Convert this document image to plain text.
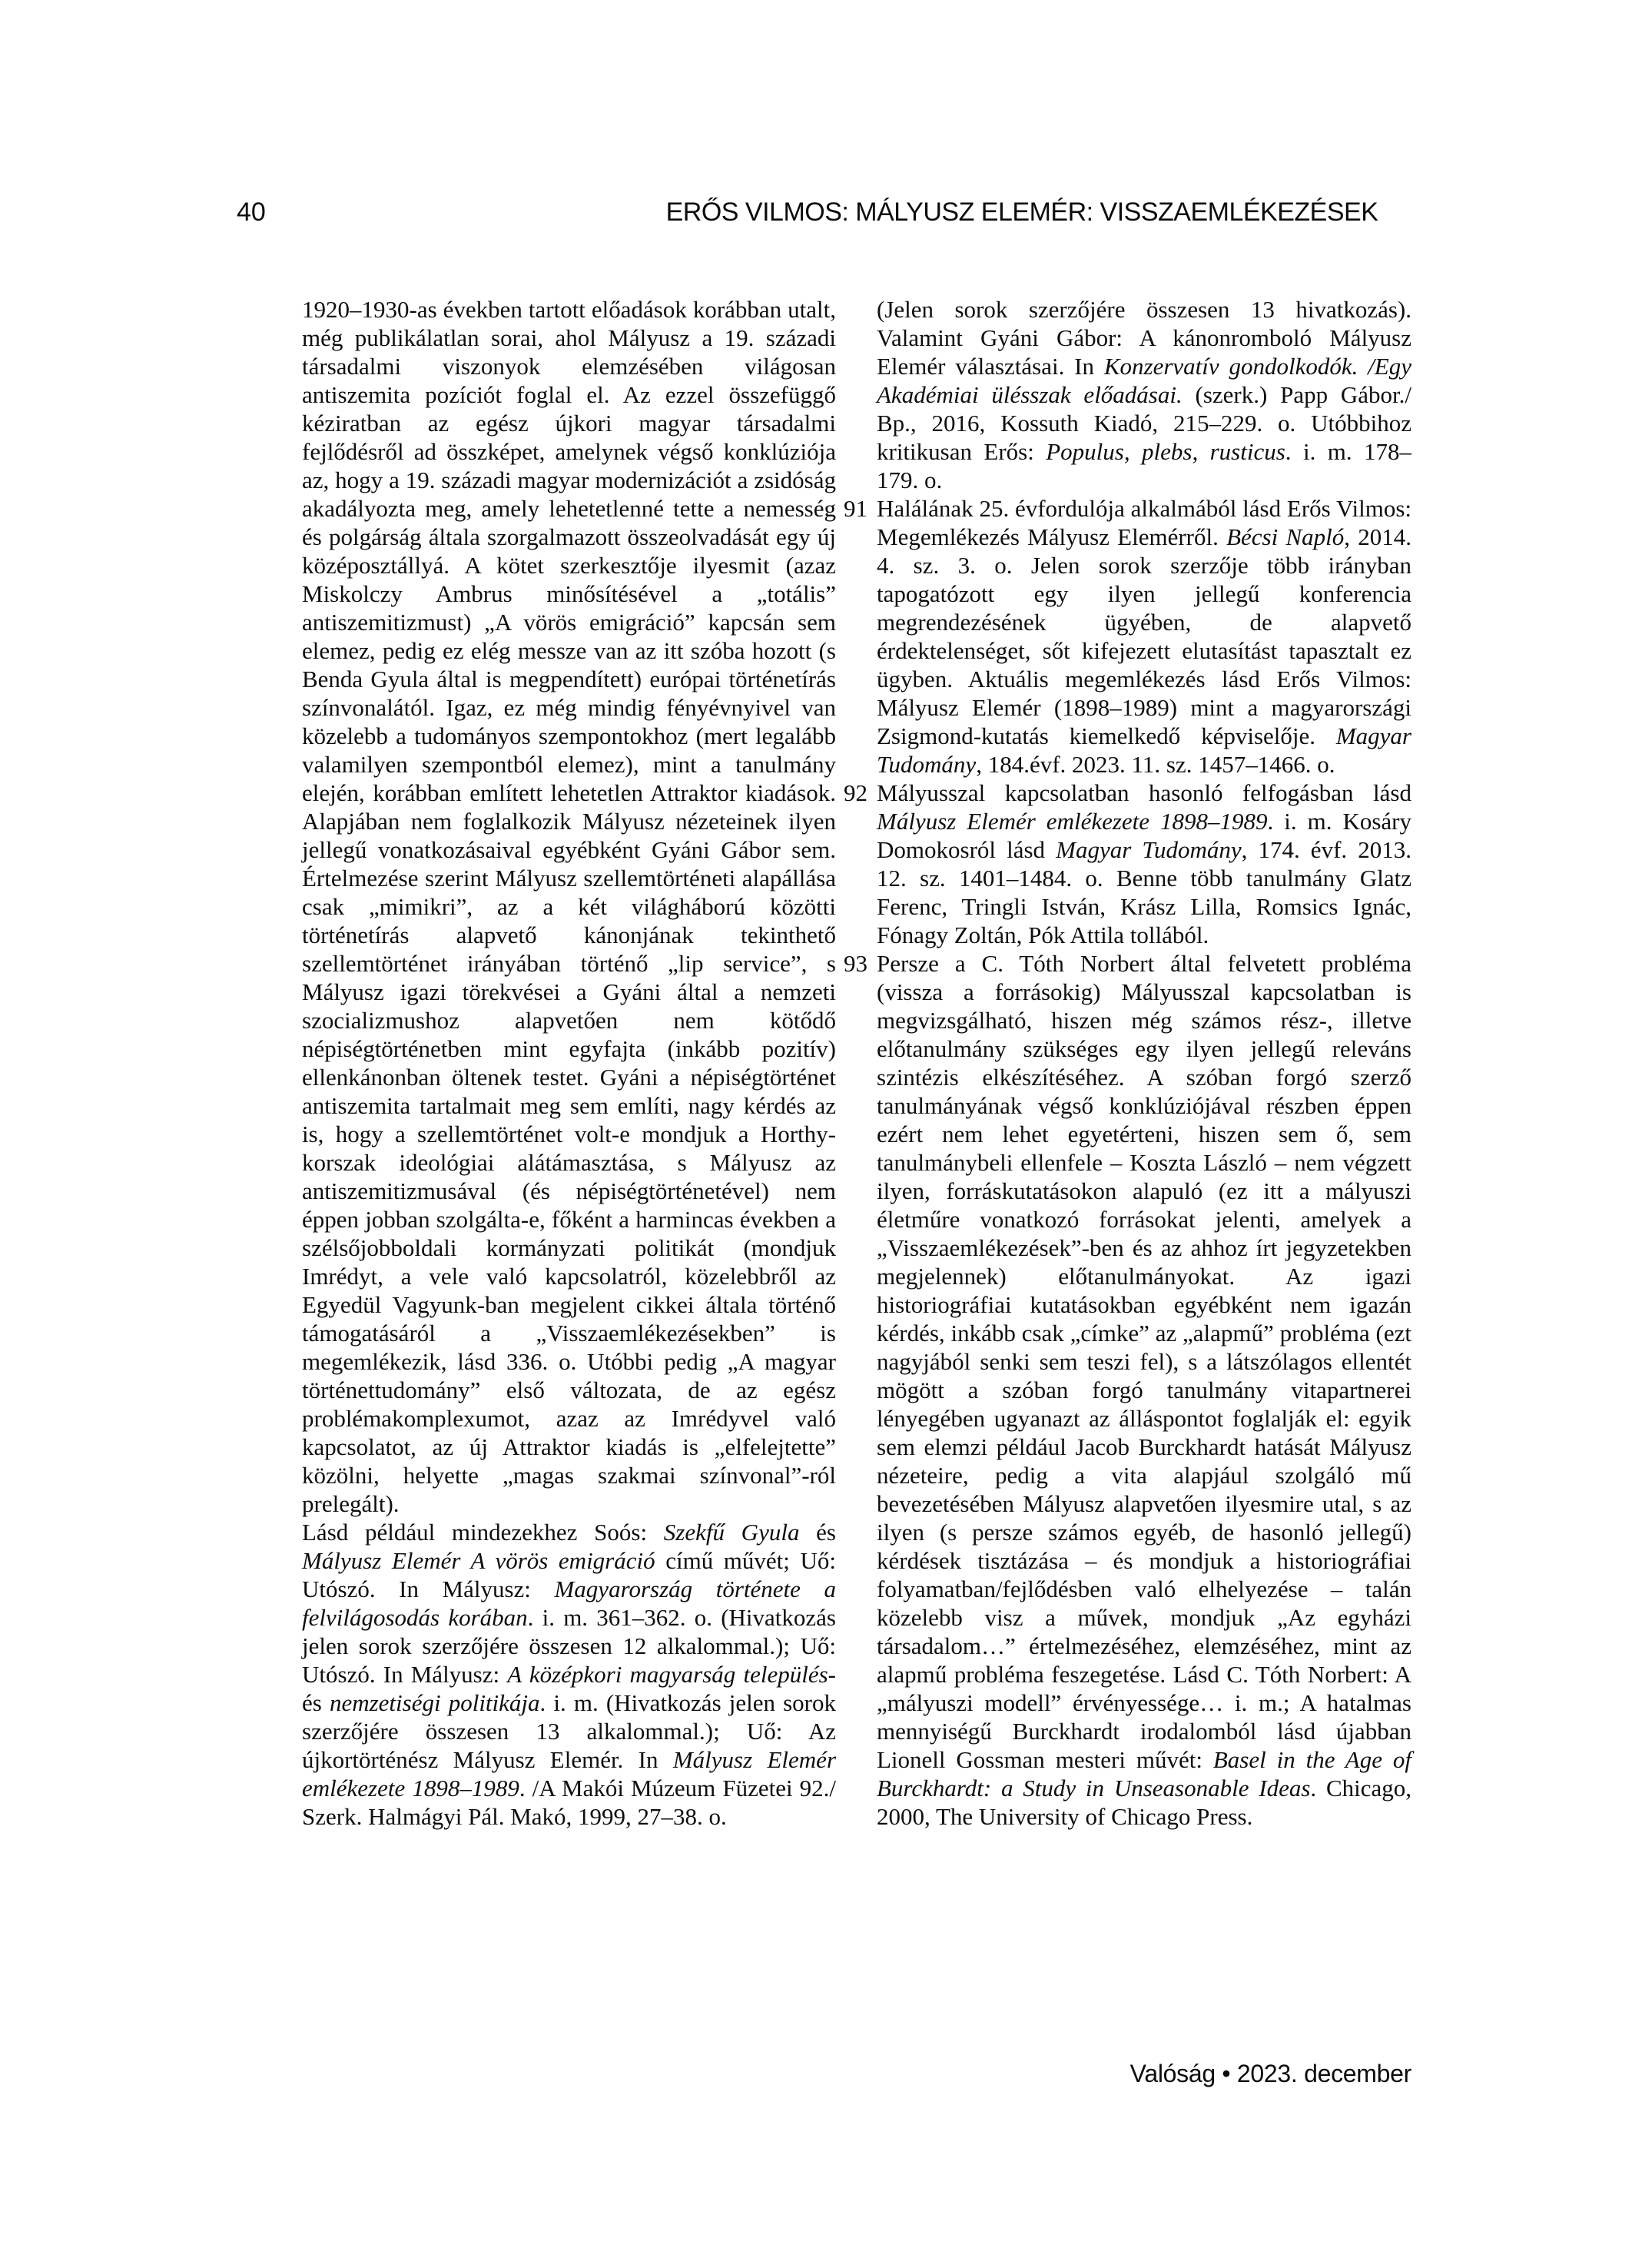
40	ERŐS VILMOS: MÁLYUSZ ELEMÉR: VISSZAEMLÉKEZÉSEK
1920–1930-as években tartott előadások korábban utalt, még publikálatlan sorai, ahol Mályusz a 19. századi társadalmi viszonyok elemzésében világosan antiszemita pozíciót foglal el. Az ezzel összefüggő kéziratban az egész újkori magyar társadalmi fejlődésről ad összképet, amelynek végső konklúziója az, hogy a 19. századi magyar modernizációt a zsidóság akadályozta meg, amely lehetetlenné tette a nemesség és polgárság általa szorgalmazott összeolvadását egy új középosztállyá. A kötet szerkesztője ilyesmit (azaz Miskolczy Ambrus minősítésével a „totális” antiszemitizmust) „A vörös emigráció” kapcsán sem elemez, pedig ez elég messze van az itt szóba hozott (s Benda Gyula által is megpendített) európai történetírás színvonalától. Igaz, ez még mindig fényévnyivel van közelebb a tudományos szempontokhoz (mert legalább valamilyen szempontból elemez), mint a tanulmány elején, korábban említett lehetetlen Attraktor kiadások. Alapjában nem foglalkozik Mályusz nézeteinek ilyen jellegű vonatkozásaival egyébként Gyáni Gábor sem. Értelmezése szerint Mályusz szellemtörténeti alapállása csak „mimikri”, az a két világháború közötti történetírás alapvető kánonjának tekinthető szellemtörténet irányában történő „lip service”, s Mályusz igazi törekvései a Gyáni által a nemzeti szocializmushoz alapvetően nem kötődő népiségtörténetben mint egyfajta (inkább pozitív) ellenkánonban öltenek testet. Gyáni a népiségtörténet antiszemita tartalmait meg sem említi, nagy kérdés az is, hogy a szellemtörténet volt-e mondjuk a Horthy-korszak ideológiai alátámasztása, s Mályusz az antiszemitizmusával (és népiségtörténetével) nem éppen jobban szolgálta-e, főként a harmincas években a szélsőjobboldali kormányzati politikát (mondjuk Imrédyt, a vele való kapcsolatról, közelebbről az Egyedül Vagyunk-ban megjelent cikkei általa történő támogatásáról a „Visszaemlékezésekben” is megemlékezik, lásd 336. o. Utóbbi pedig „A magyar történettudomány” első változata, de az egész problémakomplexumot, azaz az Imrédyvel való kapcsolatot, az új Attraktor kiadás is „elfelejtette” közölni, helyette „magas szakmai színvonal”-ról prelegált).
Lásd például mindezekhez Soós: Szekfű Gyula és Mályusz Elemér A vörös emigráció című művét; Uő: Utószó. In Mályusz: Magyarország története a felvilágosodás korában. i. m. 361–362. o. (Hivatkozás jelen sorok szerzőjére összesen 12 alkalommal.); Uő: Utószó. In Mályusz: A középkori magyarság település- és nemzetiségi politikája. i. m. (Hivatkozás jelen sorok szerzőjére összesen 13 alkalommal.); Uő: Az újkortörténész Mályusz Elemér. In Mályusz Elemér emlékezete 1898–1989. /A Makói Múzeum Füzetei 92./ Szerk. Halmágyi Pál. Makó, 1999, 27–38. o.
(Jelen sorok szerzőjére összesen 13 hivatkozás). Valamint Gyáni Gábor: A kánonromboló Mályusz Elemér választásai. In Konzervatív gondolkodók. /Egy Akadémiai ülésszak előadásai. (szerk.) Papp Gábor./ Bp., 2016, Kossuth Kiadó, 215–229. o. Utóbbihoz kritikusan Erős: Populus, plebs, rusticus. i. m. 178–179. o.
91 Halálának 25. évfordulója alkalmából lásd Erős Vilmos: Megemlékezés Mályusz Elemérről. Bécsi Napló, 2014. 4. sz. 3. o. Jelen sorok szerzője több irányban tapogatózott egy ilyen jellegű konferencia megrendezésének ügyében, de alapvető érdektelenséget, sőt kifejezett elutasítást tapasztalt ez ügyben. Aktuális megemlékezés lásd Erős Vilmos: Mályusz Elemér (1898–1989) mint a magyarországi Zsigmond-kutatás kiemelkedő képviselője. Magyar Tudomány, 184.évf. 2023. 11. sz. 1457–1466. o.
92 Mályusszal kapcsolatban hasonló felfogásban lásd Mályusz Elemér emlékezete 1898–1989. i. m. Kosáry Domokosról lásd Magyar Tudomány, 174. évf. 2013. 12. sz. 1401–1484. o. Benne több tanulmány Glatz Ferenc, Tringli István, Krász Lilla, Romsics Ignác, Fónagy Zoltán, Pók Attila tollából.
93 Persze a C. Tóth Norbert által felvetett probléma (vissza a forrásokig) Mályusszal kapcsolatban is megvizsgálható, hiszen még számos rész-, illetve előtanulmány szükséges egy ilyen jellegű releváns szintézis elkészítéséhez. A szóban forgó szerző tanulmányának végső konklúziójával részben éppen ezért nem lehet egyetérteni, hiszen sem ő, sem tanulmánybeli ellenfele – Koszta László – nem végzett ilyen, forráskutatásokon alapuló (ez itt a mályuszi életműre vonatkozó forrásokat jelenti, amelyek a „Visszaemlékezések”-ben és az ahhoz írt jegyzetekben megjelennek) előtanulmányokat. Az igazi historiográfiai kutatásokban egyébként nem igazán kérdés, inkább csak „címke” az „alapmű” probléma (ezt nagyjából senki sem teszi fel), s a látszólagos ellentét mögött a szóban forgó tanulmány vitapartnerei lényegében ugyanazt az álláspontot foglalják el: egyik sem elemzi például Jacob Burckhardt hatását Mályusz nézeteire, pedig a vita alapjául szolgáló mű bevezetésében Mályusz alapvetően ilyesmire utal, s az ilyen (s persze számos egyéb, de hasonló jellegű) kérdések tisztázása – és mondjuk a historiográfiai folyamatban/fejlődésben való elhelyezése – talán közelebb visz a művek, mondjuk „Az egyházi társadalom…” értelmezéséhez, elemzéséhez, mint az alapmű probléma feszegetése. Lásd C. Tóth Norbert: A „mályuszi modell” érvényessége… i. m.; A hatalmas mennyiségű Burckhardt irodalomból lásd újabban Lionell Gossman mesteri művét: Basel in the Age of Burckhardt: a Study in Unseasonable Ideas. Chicago, 2000, The University of Chicago Press.
Valóság • 2023. december
